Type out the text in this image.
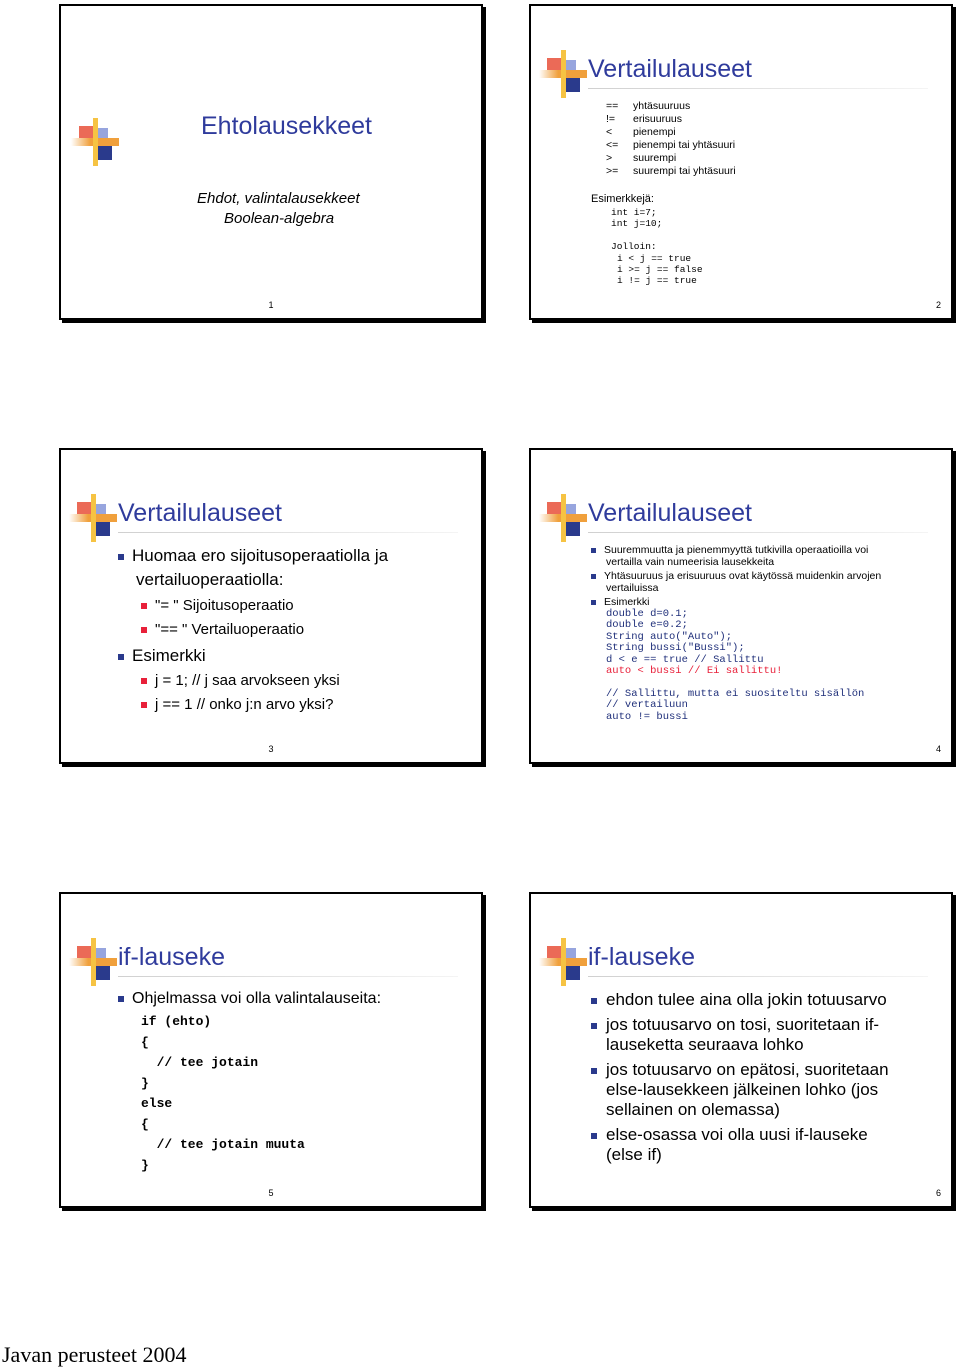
Ehtolausekkeet
Ehdot, valintalausekkeet
Boolean-algebra
1
Vertailulauseet
Esimerkkejä:
int i=7;
int j=10;
Jolloin:
i < j == true
i >= j == false
i != j == true
2
== yhtäsuuruus
!= erisuuruus
< pienempi
<= pienempi tai yhtäsuuri
> suurempi
>= suurempi tai yhtäsuuri
Vertailulauseet
Huomaa ero sijoitusoperaatiolla ja
vertailuoperaatiolla:
"= " Sijoitusoperaatio
"== " Vertailuoperaatio
Esimerkki
j = 1; // j saa arvokseen yksi
j == 1 // onko j:n arvo yksi?
3
Vertailulauseet
Suuremmuutta ja pienemmyyttä tutkivilla operaatioilla voi
vertailla vain numeerisia lausekkeita
Yhtäsuuruus ja erisuuruus ovat käytössä muidenkin arvojen
vertailuissa
Esimerkki
double d=0.1;
double e=0.2;
String auto("Auto");
String bussi("Bussi");
d < e == true // Sallittu
auto < bussi // Ei sallittu!
// Sallittu, mutta ei suositeltu sisällön
// vertailuun
auto != bussi
4
if-lauseke
Ohjelmassa voi olla valintalauseita:
5
if (ehto)
{
// tee jotain
}
else
{
// tee jotain muuta
}
if-lauseke
6
ehdon tulee aina olla jokin totuusarvo
jos totuusarvo on tosi, suoritetaan if-
lauseketta seuraava lohko
jos totuusarvo on epätosi, suoritetaan
else-lausekkeen jälkeinen lohko (jos
sellainen on olemassa)
else-osassa voi olla uusi if-lauseke
(else if)
Javan perusteet 2004
